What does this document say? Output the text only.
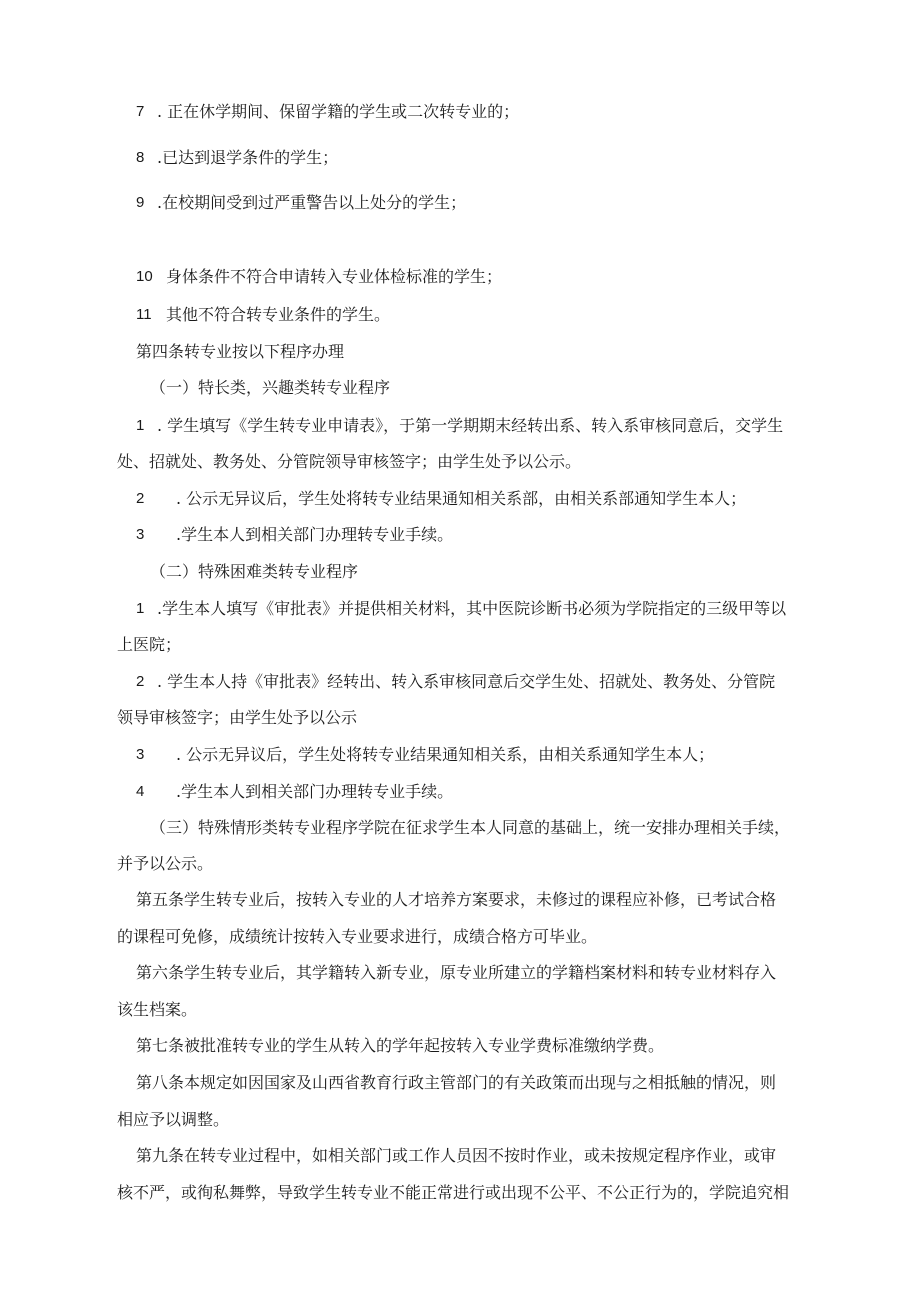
7 . 正在休学期间、保留学籍的学生或二次转专业的；
8 .已达到退学条件的学生；
9 .在校期间受到过严重警告以上处分的学生；
10 身体条件不符合申请转入专业体检标准的学生；
11 其他不符合转专业条件的学生。
第四条转专业按以下程序办理
（一）特长类，兴趣类转专业程序
1 . 学生填写《学生转专业申请表》，于第一学期期末经转出系、转入系审核同意后，交学生
处、招就处、教务处、分管院领导审核签字；由学生处予以公示。
2 . 公示无异议后，学生处将转专业结果通知相关系部，由相关系部通知学生本人；
3 .学生本人到相关部门办理转专业手续。
（二）特殊困难类转专业程序
1 .学生本人填写《审批表》并提供相关材料，其中医院诊断书必须为学院指定的三级甲等以
上医院；
2 . 学生本人持《审批表》经转出、转入系审核同意后交学生处、招就处、教务处、分管院
领导审核签字；由学生处予以公示
3 . 公示无异议后，学生处将转专业结果通知相关系，由相关系通知学生本人；
4 .学生本人到相关部门办理转专业手续。
（三）特殊情形类转专业程序学院在征求学生本人同意的基础上，统一安排办理相关手续，
并予以公示。
第五条学生转专业后，按转入专业的人才培养方案要求，未修过的课程应补修，已考试合格
的课程可免修，成绩统计按转入专业要求进行，成绩合格方可毕业。
第六条学生转专业后，其学籍转入新专业，原专业所建立的学籍档案材料和转专业材料存入
该生档案。
第七条被批准转专业的学生从转入的学年起按转入专业学费标准缴纳学费。
第八条本规定如因国家及山西省教育行政主管部门的有关政策而出现与之相抵触的情况，则
相应予以调整。
第九条在转专业过程中，如相关部门或工作人员因不按时作业，或未按规定程序作业，或审
核不严，或徇私舞弊，导致学生转专业不能正常进行或出现不公平、不公正行为的，学院追究相
